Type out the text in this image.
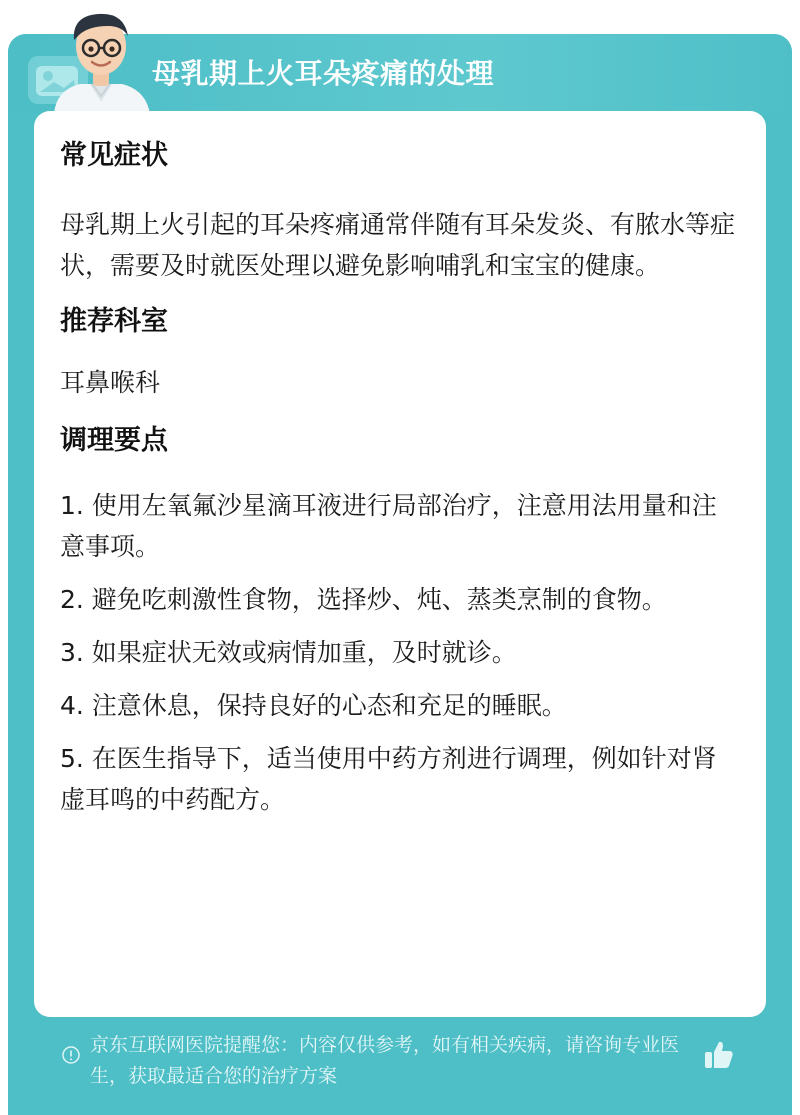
母乳期上火耳朵疼痛的处理
常见症状

母乳期上火引起的耳朵疼痛通常伴随有耳朵发炎、有脓水等症状，需要及时就医处理以避免影响哺乳和宝宝的健康。

推荐科室

耳鼻喉科

调理要点

1. 使用左氧氟沙星滴耳液进行局部治疗，注意用法用量和注意事项。

2. 避免吃刺激性食物，选择炒、炖、蒸类烹制的食物。

3. 如果症状无效或病情加重，及时就诊。

4. 注意休息，保持良好的心态和充足的睡眠。

5. 在医生指导下，适当使用中药方剂进行调理，例如针对肾虚耳鸣的中药配方。

京东互联网医院提醒您：内容仅供参考，如有相关疾病，请咨询专业医生，获取最适合您的治疗方案
